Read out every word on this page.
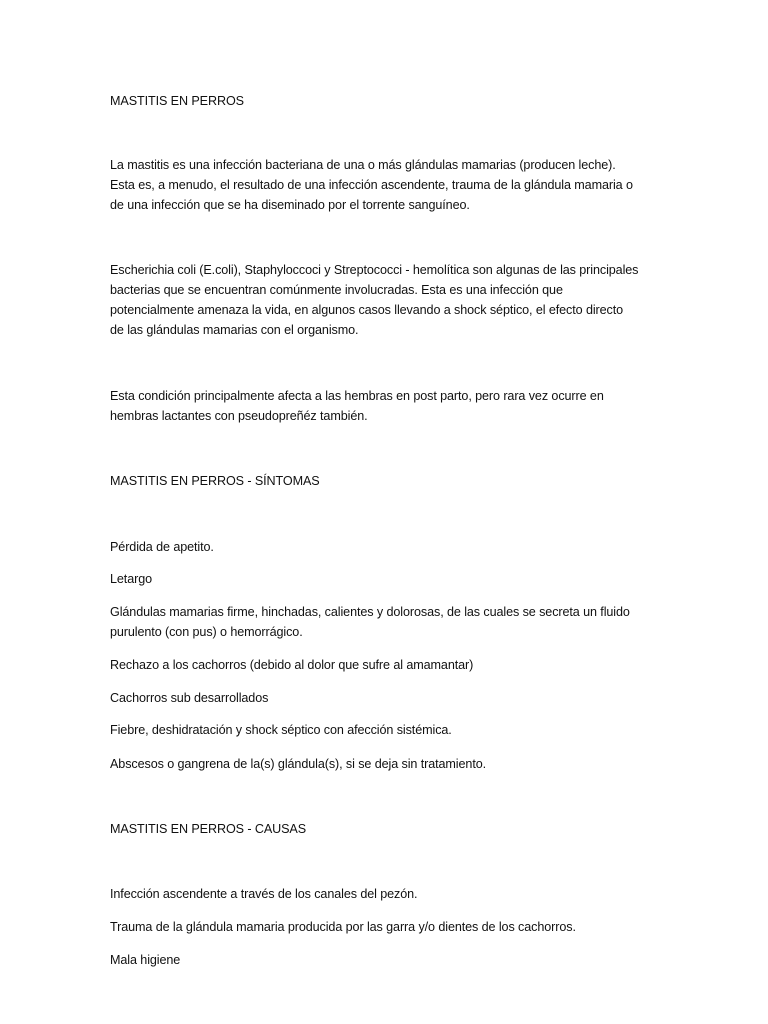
MASTITIS EN PERROS
La mastitis es una infección bacteriana de una o más glándulas mamarias (producen leche).
Esta es, a menudo, el resultado de una infección ascendente, trauma de la glándula mamaria o
de una infección que se ha diseminado por el torrente sanguíneo.
Escherichia coli (E.coli), Staphyloccoci y Streptococci - hemolítica son algunas de las principales
bacterias que se encuentran comúnmente involucradas. Esta es una infección que
potencialmente amenaza la vida, en algunos casos llevando a shock séptico, el efecto directo
de las glándulas mamarias con el organismo.
Esta condición principalmente afecta a las hembras en post parto, pero rara vez ocurre en
hembras lactantes con pseudopreñéz también.
MASTITIS EN PERROS - SÍNTOMAS
Pérdida de apetito.
Letargo
Glándulas mamarias firme, hinchadas, calientes y dolorosas, de las cuales se secreta un fluido
purulento (con pus) o hemorrágico.
Rechazo a los cachorros (debido al dolor que sufre al amamantar)
Cachorros sub desarrollados
Fiebre, deshidratación y shock séptico con afección sistémica.
Abscesos o gangrena de la(s) glándula(s), si se deja sin tratamiento.
MASTITIS EN PERROS - CAUSAS
Infección ascendente a través de los canales del pezón.
Trauma de la glándula mamaria producida por las garra y/o dientes de los cachorros.
Mala higiene
